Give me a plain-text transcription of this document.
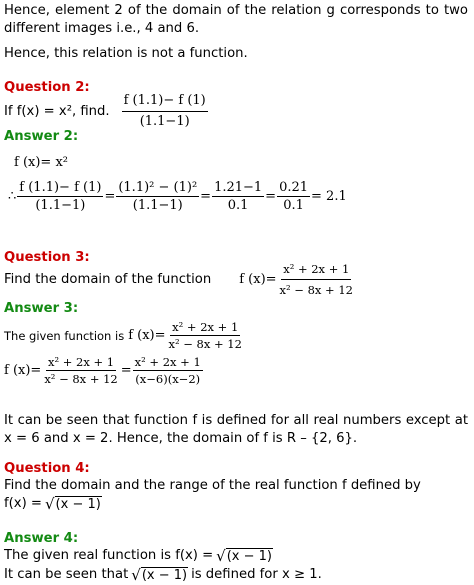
Hence, element 2 of the domain of the relation g corresponds to two different images i.e., 4 and 6.
Hence, this relation is not a function.
Question 2:
If f(x) = x², find. $\frac{f (1.1)- f (1)}{(1.1-1)}$
Answer 2:
f (x)= x²
∴ $\frac{f (1.1)- f (1)}{(1.1-1)} = \frac{\text{(1.1)² − (1)²}}{(1.1-1)} = \frac{1.21-1}{0.1} = \frac{0.21}{0.1} = 2.1$
Question 3:
Find the domain of the function f $(x)= \frac{\text{x² + 2x + 1}}{\text{x² − 8x + 12}}$
Answer 3:
The given function is f $(x)= \frac{\text{x² + 2x + 1}}{\text{x² − 8x + 12}}$
f $(x)= \frac{\text{x² + 2x + 1}}{\text{x² − 8x + 12}} = \frac{\text{x² + 2x + 1}}{(x-6)(x-2)}$
It can be seen that function f is defined for all real numbers except at x = 6 and x = 2. Hence, the domain of f is R – {2, 6}.
Question 4:
Find the domain and the range of the real function f defined by
f(x) = √ (x − 1)
Answer 4:
The given real function is f(x) = √ (x − 1)
It can be seen that √ (x − 1) is defined for x ≥ 1.
